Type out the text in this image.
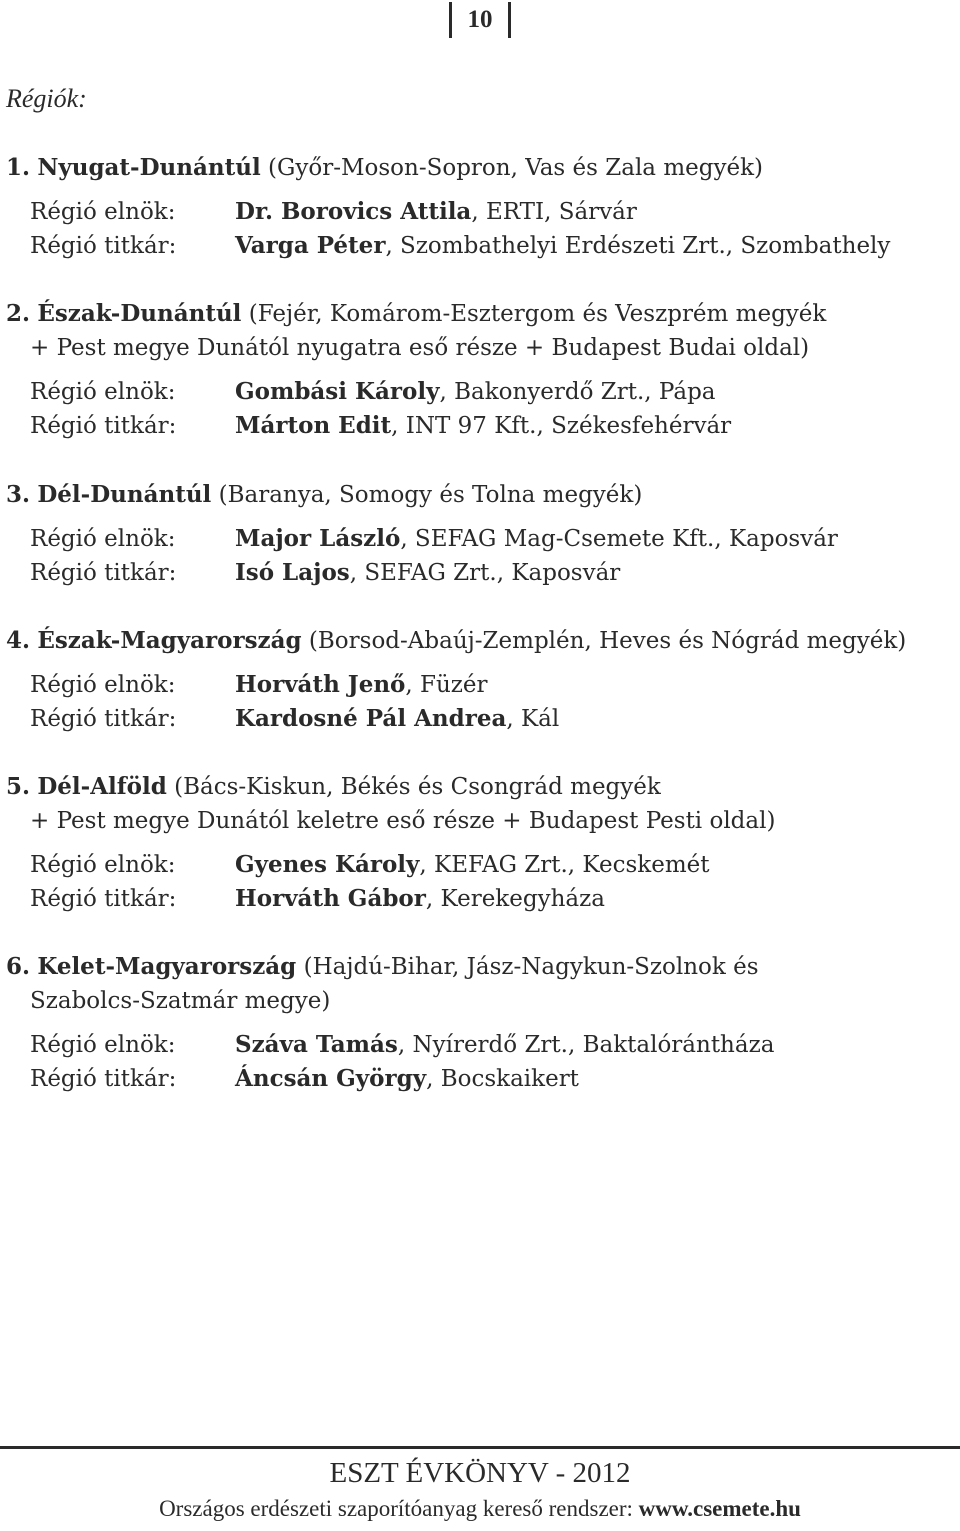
10
Régiók:
1. Nyugat-Dunántúl (Győr-Moson-Sopron, Vas és Zala megyék)
Régió elnök:	Dr. Borovics Attila, ERTI, Sárvár
Régió titkár:	Varga Péter, Szombathelyi Erdészeti Zrt., Szombathely
2. Észak-Dunántúl (Fejér, Komárom-Esztergom és Veszprém megyék
+ Pest megye Dunától nyugatra eső része + Budapest Budai oldal)
Régió elnök:	Gombási Károly, Bakonyerdő Zrt., Pápa
Régió titkár:	Márton Edit, INT 97 Kft., Székesfehérvár
3. Dél-Dunántúl (Baranya, Somogy és Tolna megyék)
Régió elnök:	Major László, SEFAG Mag-Csemete Kft., Kaposvár
Régió titkár:	Isó Lajos, SEFAG Zrt., Kaposvár
4. Észak-Magyarország (Borsod-Abaúj-Zemplén, Heves és Nógrád megyék)
Régió elnök:	Horváth Jenő, Füzér
Régió titkár:	Kardosné Pál Andrea, Kál
5. Dél-Alföld (Bács-Kiskun, Békés és Csongrád megyék
+ Pest megye Dunától keletre eső része + Budapest Pesti oldal)
Régió elnök:	Gyenes Károly, KEFAG Zrt., Kecskemét
Régió titkár:	Horváth Gábor, Kerekegyháza
6. Kelet-Magyarország (Hajdú-Bihar, Jász-Nagykun-Szolnok és
Szabolcs-Szatmár megye)
Régió elnök:	Száva Tamás, Nyírerdő Zrt., Baktalórántháza
Régió titkár:	Áncsán György, Bocskaikert
ESZT ÉVKÖNYV - 2012
Országos erdészeti szaporítóanyag kereső rendszer: www.csemete.hu
